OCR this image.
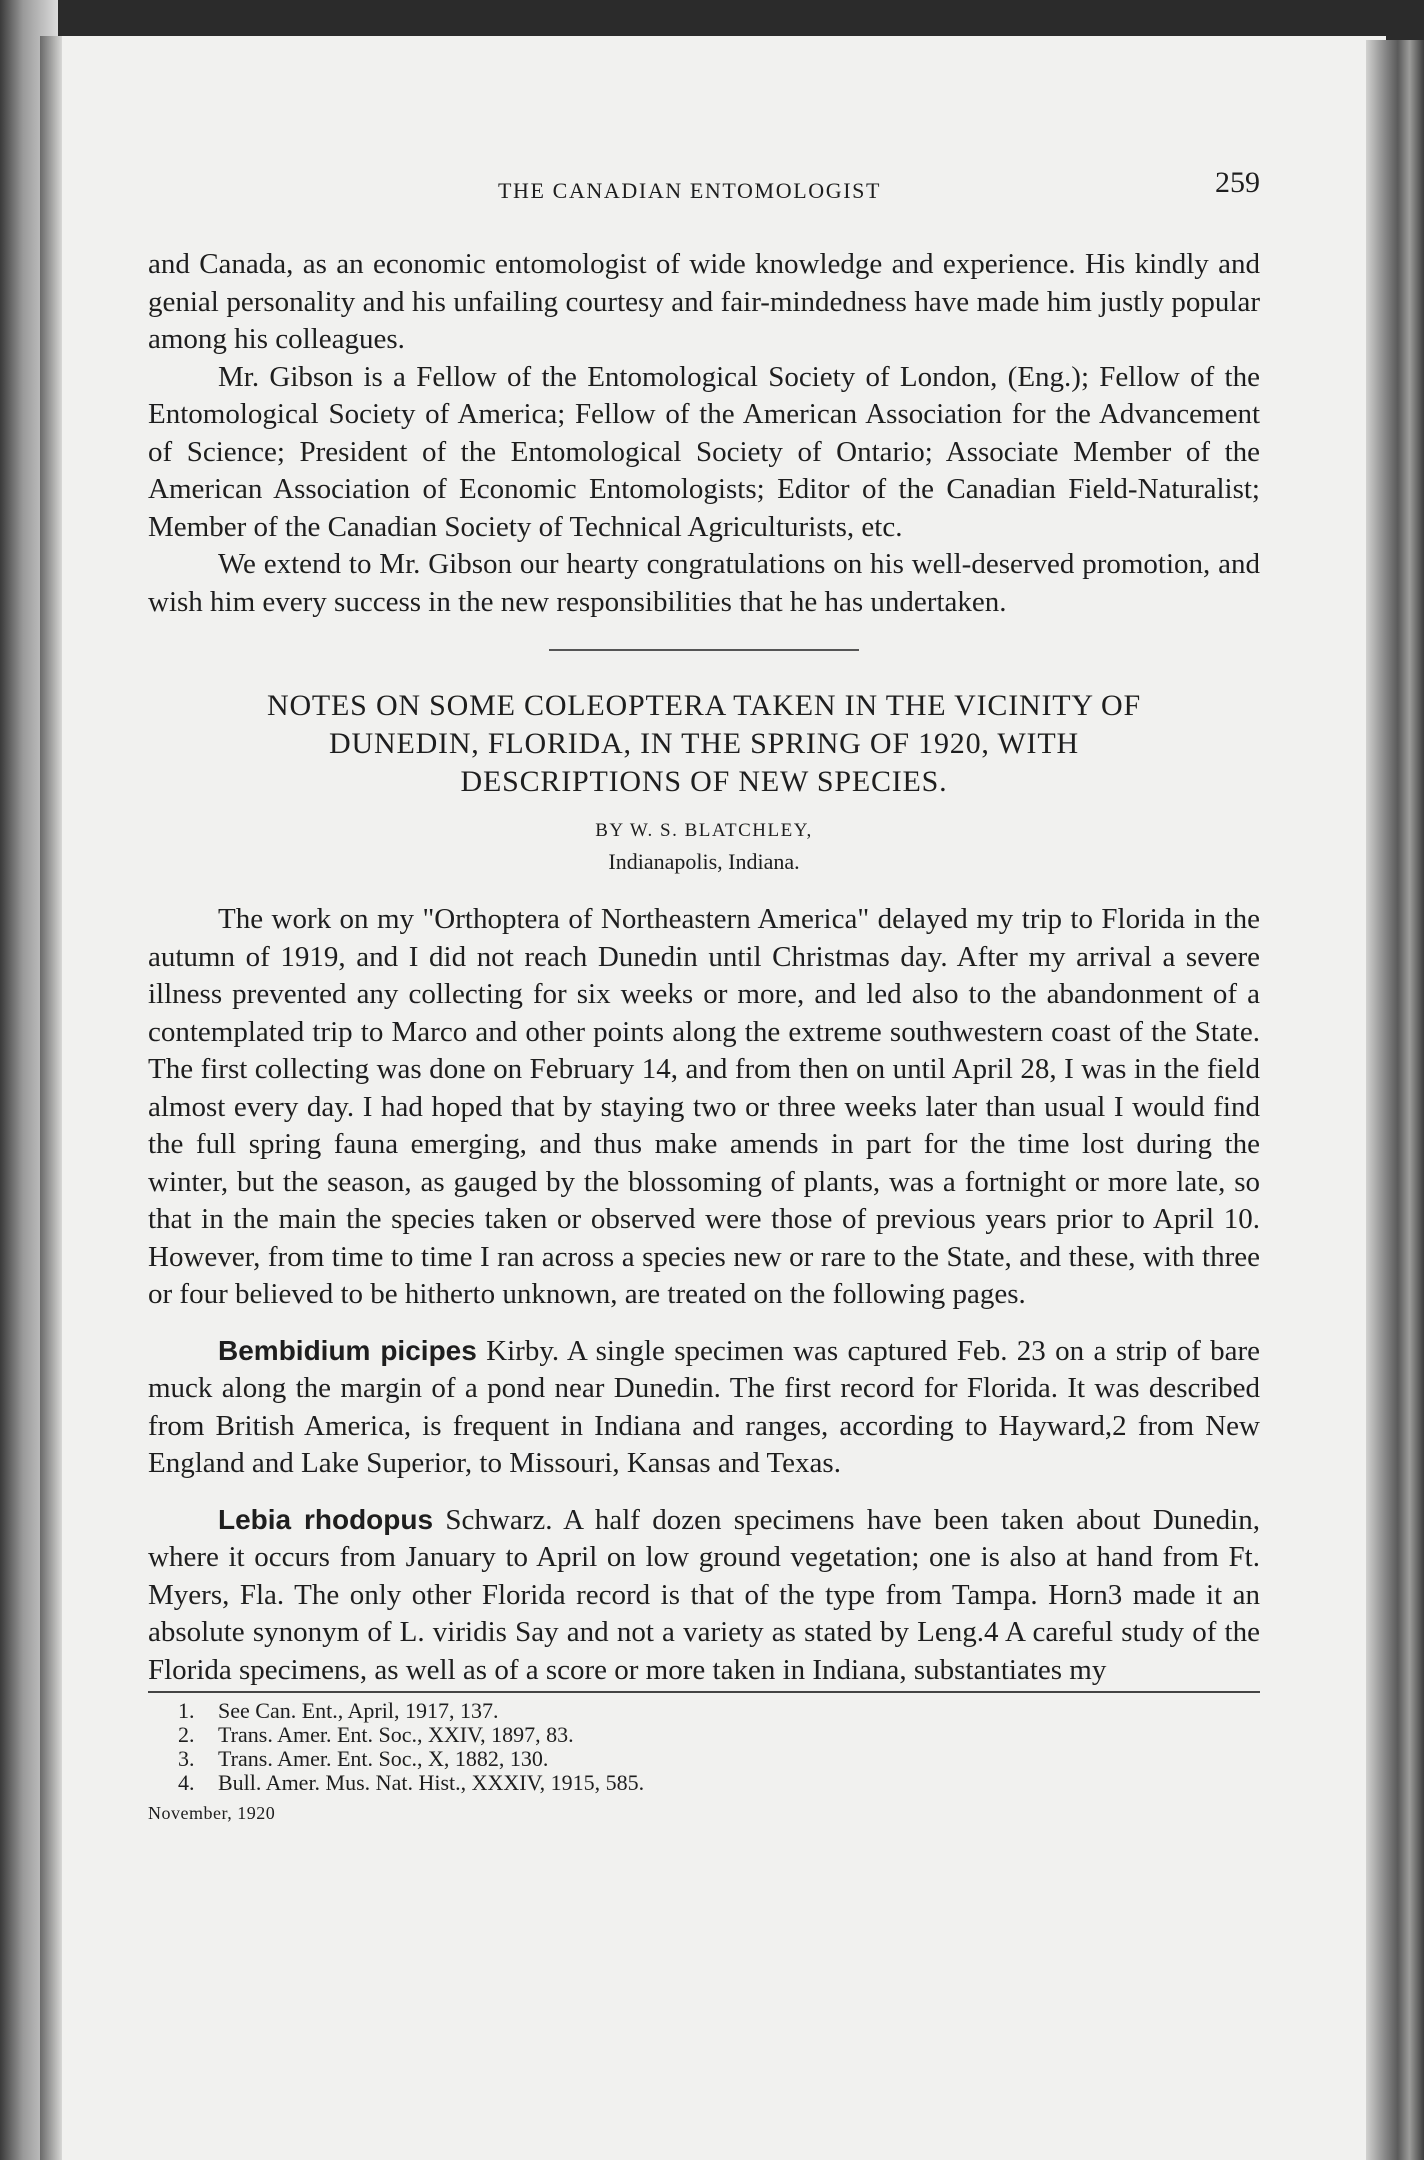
THE CANADIAN ENTOMOLOGIST	259

and Canada, as an economic entomologist of wide knowledge and experience. His kindly and genial personality and his unfailing courtesy and fair-mindedness have made him justly popular among his colleagues.

Mr. Gibson is a Fellow of the Entomological Society of London, (Eng.); Fellow of the Entomological Society of America; Fellow of the American Association for the Advancement of Science; President of the Entomological Society of Ontario; Associate Member of the American Association of Economic Entomologists; Editor of the Canadian Field-Naturalist; Member of the Canadian Society of Technical Agriculturists, etc.

We extend to Mr. Gibson our hearty congratulations on his well-deserved promotion, and wish him every success in the new responsibilities that he has undertaken.

NOTES ON SOME COLEOPTERA TAKEN IN THE VICINITY OF
DUNEDIN, FLORIDA, IN THE SPRING OF 1920, WITH
DESCRIPTIONS OF NEW SPECIES.
BY W. S. BLATCHLEY,
Indianapolis, Indiana.

The work on my "Orthoptera of Northeastern America" delayed my trip to Florida in the autumn of 1919, and I did not reach Dunedin until Christmas day. After my arrival a severe illness prevented any collecting for six weeks or more, and led also to the abandonment of a contemplated trip to Marco and other points along the extreme southwestern coast of the State. The first collecting was done on February 14, and from then on until April 28, I was in the field almost every day. I had hoped that by staying two or three weeks later than usual I would find the full spring fauna emerging, and thus make amends in part for the time lost during the winter, but the season, as gauged by the blossoming of plants, was a fortnight or more late, so that in the main the species taken or observed were those of previous years prior to April 10. However, from time to time I ran across a species new or rare to the State, and these, with three or four believed to be hitherto unknown, are treated on the following pages.

Bembidium picipes Kirby. A single specimen was captured Feb. 23 on a strip of bare muck along the margin of a pond near Dunedin. The first record for Florida. It was described from British America, is frequent in Indiana and ranges, according to Hayward,2 from New England and Lake Superior, to Missouri, Kansas and Texas.

Lebia rhodopus Schwarz. A half dozen specimens have been taken about Dunedin, where it occurs from January to April on low ground vegetation; one is also at hand from Ft. Myers, Fla. The only other Florida record is that of the type from Tampa. Horn3 made it an absolute synonym of L. viridis Say and not a variety as stated by Leng.4 A careful study of the Florida specimens, as well as of a score or more taken in Indiana, substantiates my

1.	See Can. Ent., April, 1917, 137.
2.	Trans. Amer. Ent. Soc., XXIV, 1897, 83.
3.	Trans. Amer. Ent. Soc., X, 1882, 130.
4.	Bull. Amer. Mus. Nat. Hist., XXXIV, 1915, 585.
November, 1920
